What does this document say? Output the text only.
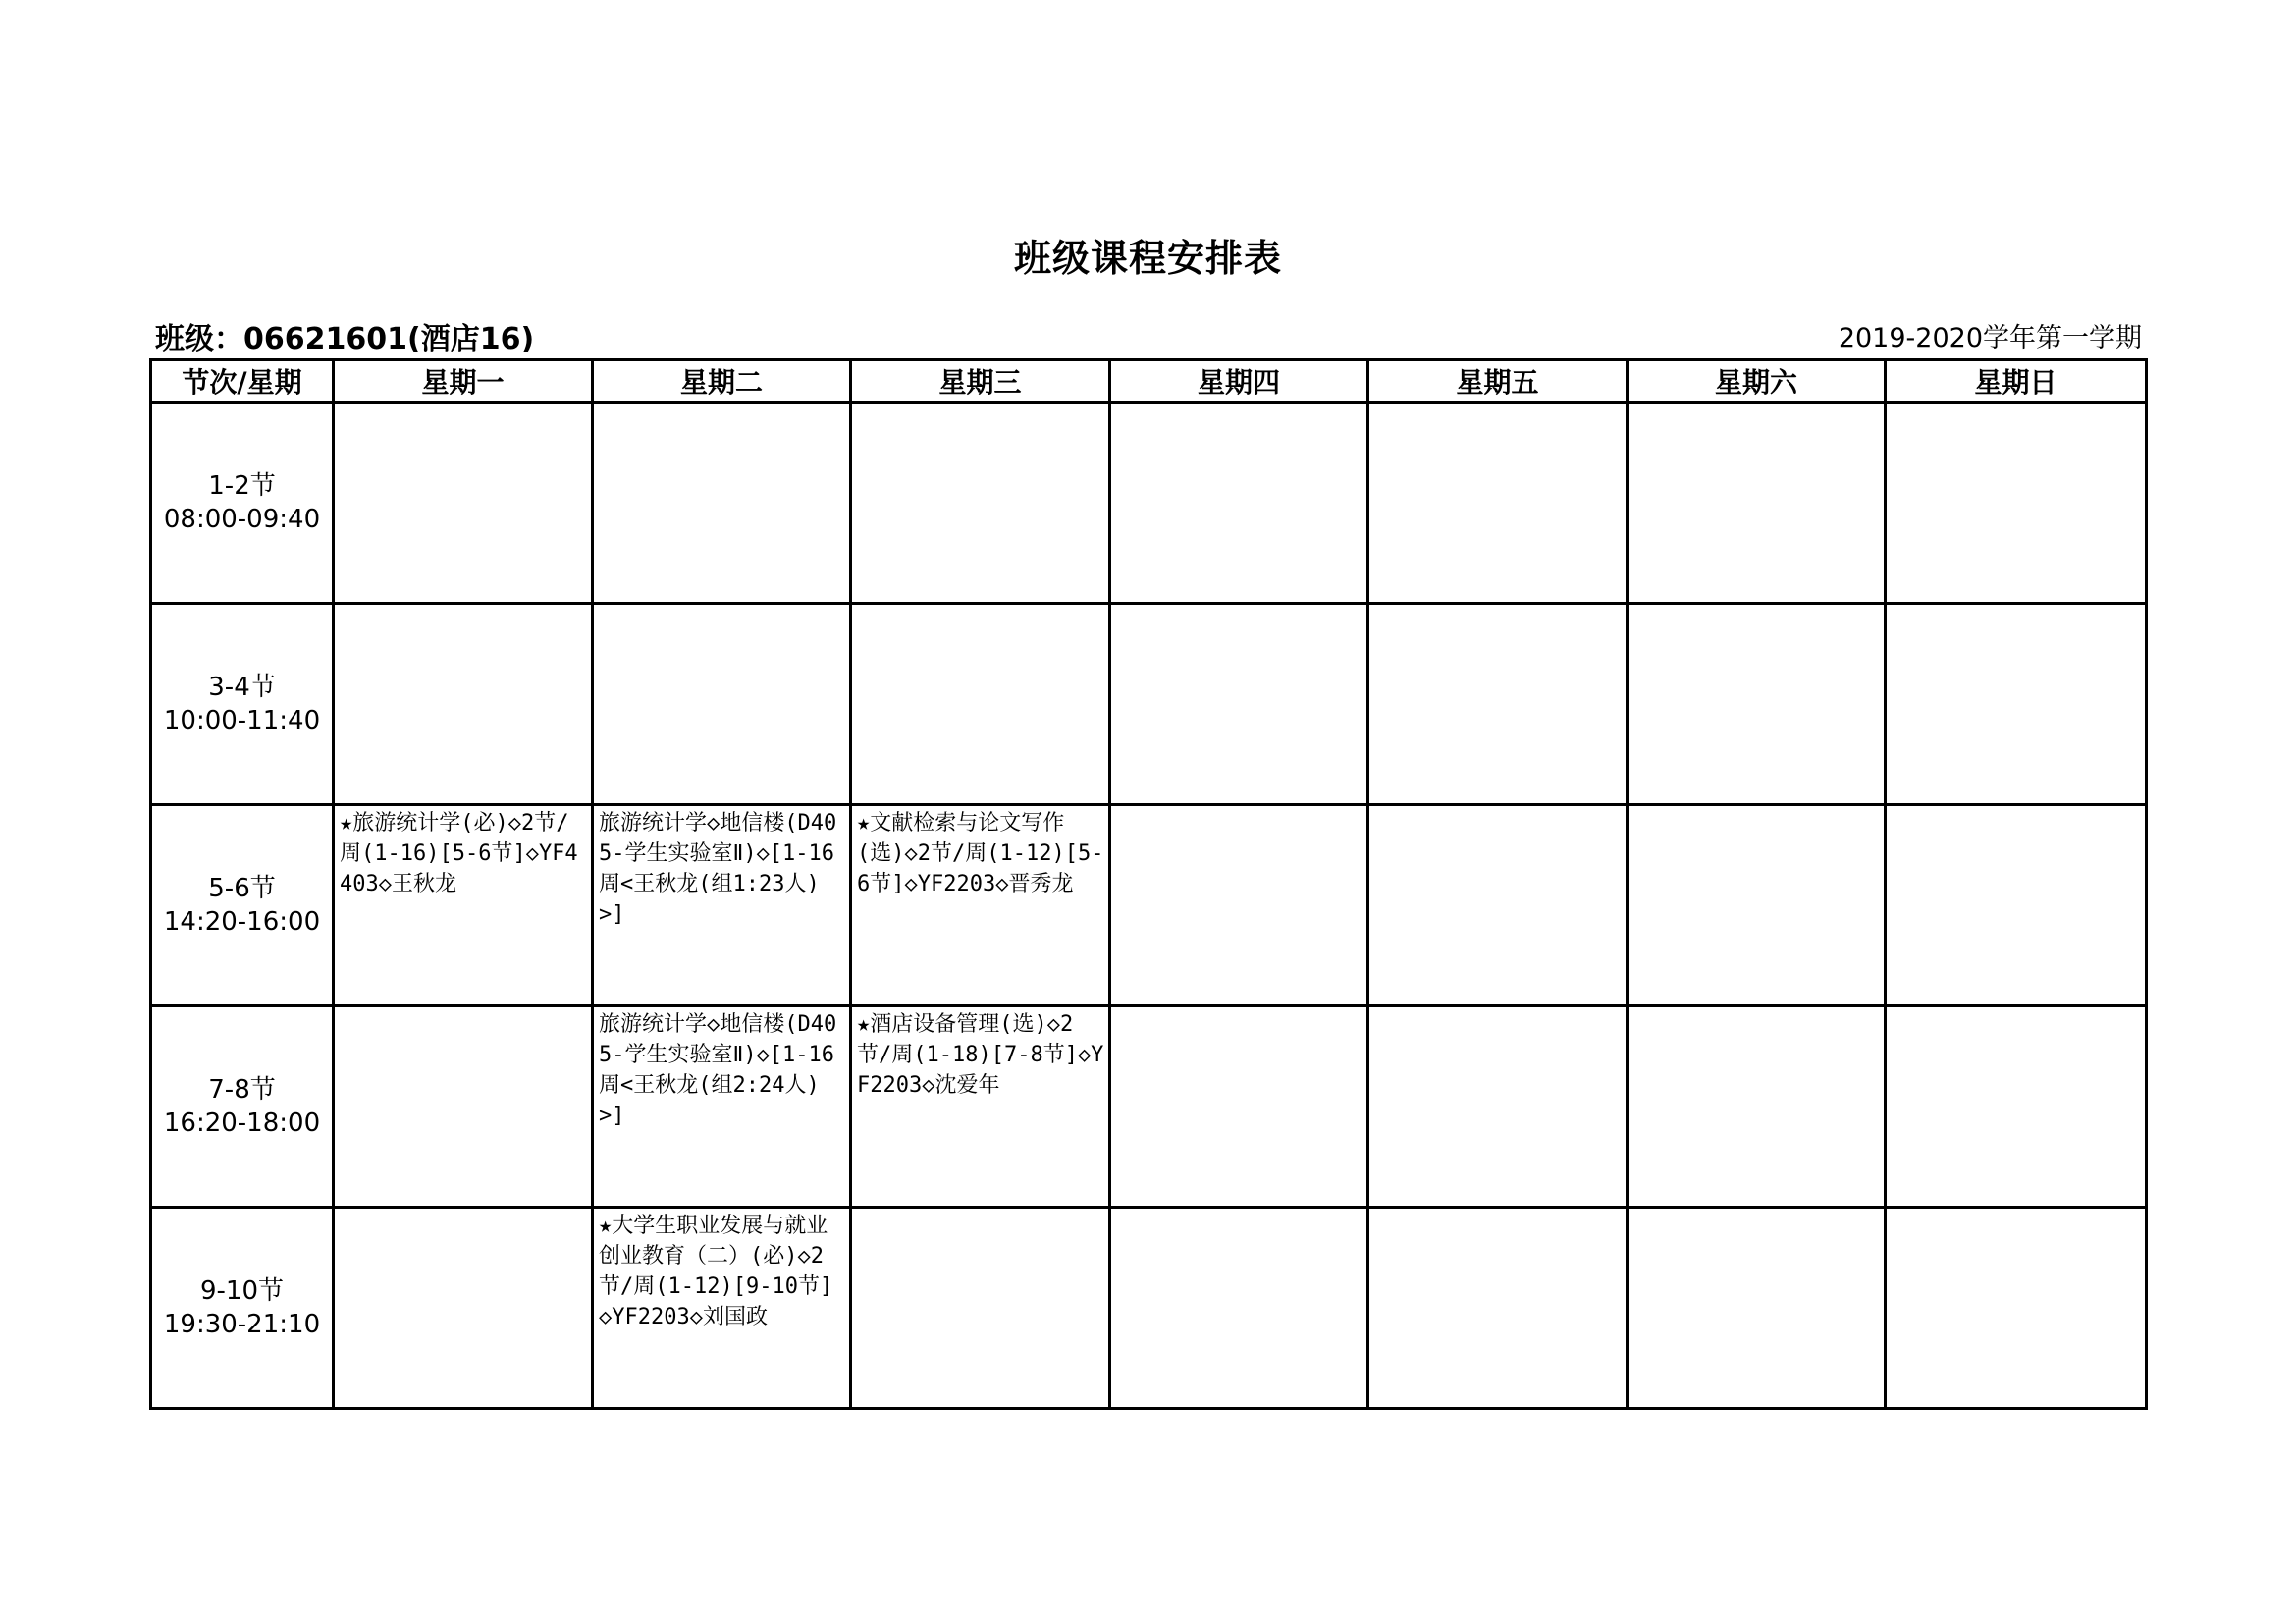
班级课程安排表
班级：06621601(酒店16)	2019-2020学年第一学期
节次/星期	星期一	星期二	星期三	星期四	星期五	星期六	星期日

1-2节
08:00-09:40							

3-4节
10:00-11:40							

5-6节
14:20-16:00	★旅游统计学(必)◇2节/周(1-16)[5-6节]◇YF4403◇王秋龙	旅游统计学◇地信楼(D405-学生实验室Ⅱ)◇[1-16周<王秋龙(组1:23人)>]	★文献检索与论文写作(选)◇2节/周(1-12)[5-6节]◇YF2203◇晋秀龙				

7-8节
16:20-18:00		旅游统计学◇地信楼(D405-学生实验室Ⅱ)◇[1-16周<王秋龙(组2:24人)>]	★酒店设备管理(选)◇2节/周(1-18)[7-8节]◇YF2203◇沈爱年				

9-10节
19:30-21:10		★大学生职业发展与就业创业教育（二）(必)◇2节/周(1-12)[9-10节]◇YF2203◇刘国政					
